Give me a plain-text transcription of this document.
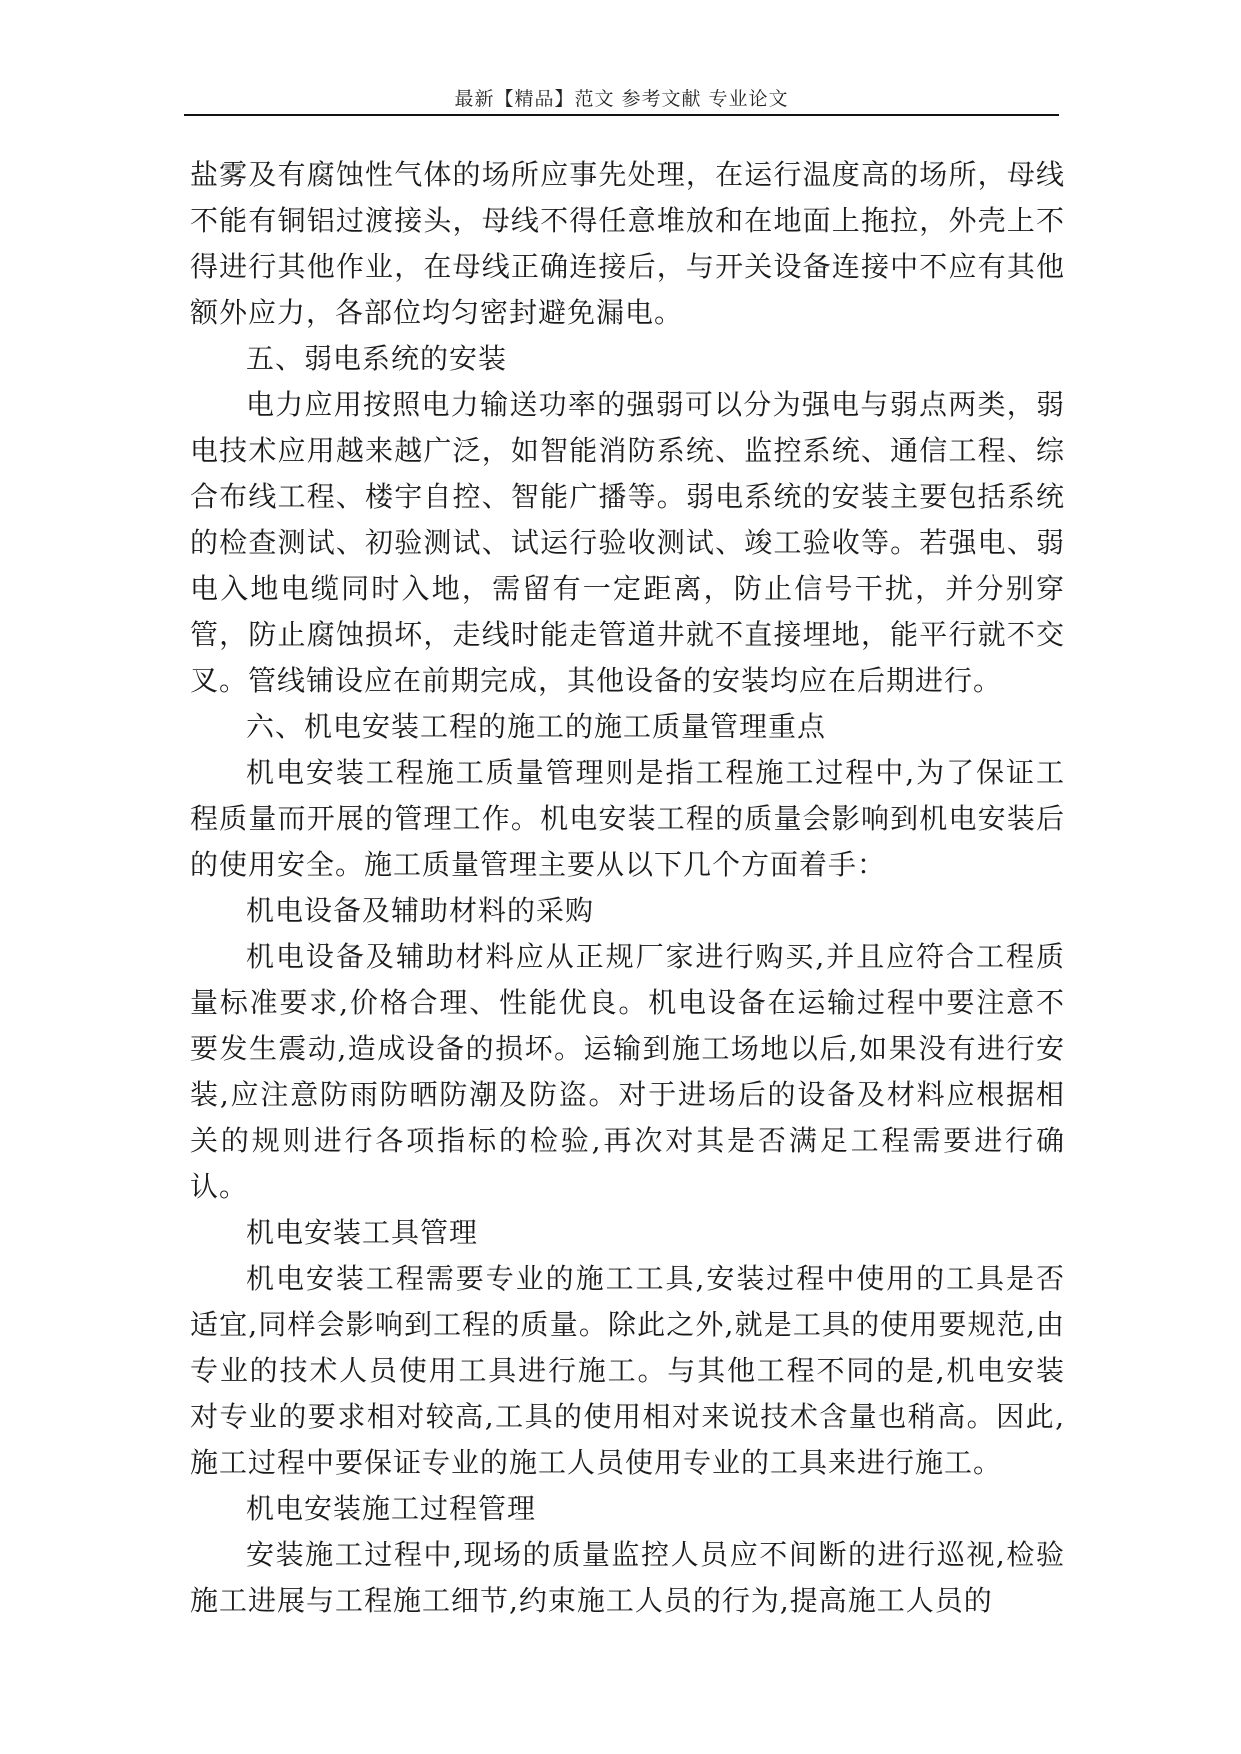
最新【精品】范文 参考文献 专业论文

盐雾及有腐蚀性气体的场所应事先处理，在运行温度高的场所，母线不能有铜铝过渡接头，母线不得任意堆放和在地面上拖拉，外壳上不得进行其他作业，在母线正确连接后，与开关设备连接中不应有其他额外应力，各部位均匀密封避免漏电。

五、弱电系统的安装

电力应用按照电力输送功率的强弱可以分为强电与弱点两类，弱电技术应用越来越广泛，如智能消防系统、监控系统、通信工程、综合布线工程、楼宇自控、智能广播等。弱电系统的安装主要包括系统的检查测试、初验测试、试运行验收测试、竣工验收等。若强电、弱电入地电缆同时入地，需留有一定距离，防止信号干扰，并分别穿管，防止腐蚀损坏，走线时能走管道井就不直接埋地，能平行就不交叉。管线铺设应在前期完成，其他设备的安装均应在后期进行。

六、机电安装工程的施工的施工质量管理重点

机电安装工程施工质量管理则是指工程施工过程中,为了保证工程质量而开展的管理工作。机电安装工程的质量会影响到机电安装后的使用安全。施工质量管理主要从以下几个方面着手：

机电设备及辅助材料的采购

机电设备及辅助材料应从正规厂家进行购买,并且应符合工程质量标准要求,价格合理、性能优良。机电设备在运输过程中要注意不要发生震动,造成设备的损坏。运输到施工场地以后,如果没有进行安装,应注意防雨防晒防潮及防盗。对于进场后的设备及材料应根据相关的规则进行各项指标的检验,再次对其是否满足工程需要进行确认。

机电安装工具管理

机电安装工程需要专业的施工工具,安装过程中使用的工具是否适宜,同样会影响到工程的质量。除此之外,就是工具的使用要规范,由专业的技术人员使用工具进行施工。与其他工程不同的是,机电安装对专业的要求相对较高,工具的使用相对来说技术含量也稍高。因此,施工过程中要保证专业的施工人员使用专业的工具来进行施工。

机电安装施工过程管理

安装施工过程中,现场的质量监控人员应不间断的进行巡视,检验施工进展与工程施工细节,约束施工人员的行为,提高施工人员的
